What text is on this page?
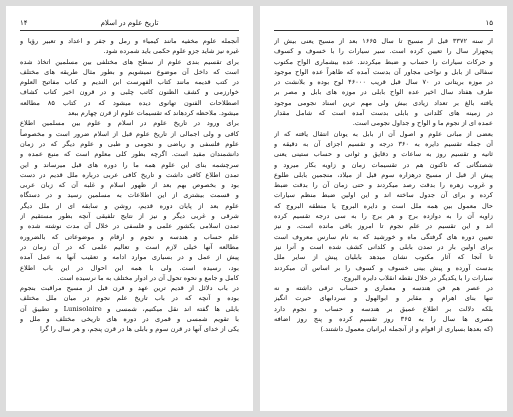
۱۴	تاریخ علوم در اسلام
آنجمله علوم مخفیه مانند کیمیاء و رمل و جفر و اعداد و تعبیر رؤیا و
غیره نیز شاید جزو علوم حکمی باید شمرده شود.
برای تقسیم بندی علوم از سطح های مختلفی بین مسلمین اتخاذ شده
است که داخل آن موضوع نمیشویم و بطور مثال طریقه های مختلف
در کتب قدیمه مانند کتاب الفهرست ابن الندیم و کتاب مفاتیح العلوم
خوارزمی و کشف الظنون کاتب چلبی و در قرون اخیر کتاب کشاف
اصطلاحات الفنون تهانوی دیده میشود که در کتاب ۸۵ مطالعه
میشود. ملاحظه کردهاند که تقسیمات علوم از قرن چهارم ببعد
برای ورود در تاریخ علوم در اسلام و علوم بین مسلمین اطلاع
کافی و ولی اجمالی از تاریخ علوم قبل از اسلام ضرور است و مخصوصاً
علوم فلسفی و ریاضی و نجومی و طبی و علوم دیگر که در زمان
دانشمندان مفید است. اگرچه بطور کلی معلوم است که منبع عمده و
سرچشمه بنای این علوم همه ما را دوره های قبل میرساند و این
تمدن اطلاع کافی داشت و تاریخ کافی عربی درباره ملل قدیم در دست
بود و بخصوص بهم بعد از ظهور اسلام و غلبه آن که زبان عربی
و قسمت بیشتری از این اطلاعات به مسلمین رسید و در دستگاه
علوم بعد از پایان دوره قدیم، روشن و سابقه ای از ملل دیگر
شرقی و غربی دیگر و نیز از نتایج تلفیقی آنچه بطور مستقیم از
تمدن اسلامی بکشور علمی و فلسفی در خلال آن مدت نوشته شده و
علم حساب و هندسه و نجوم و ارقام و موضوعاتی که بالضروره
مطالعه آنها خیلی لازم است و تعالیم علمی که در آن زمان در
پیش از عمل و در بسیاری موارد ادامه و تعقیب آنها به عمل آمده
بود، رسیده است. ولی با همه این احوال در این باب اطلاع
کامل و جامع و نحوه تحول آن در ادوار مختلف به ما نرسیده است.
در باب دلائل از قدیم ترین عهد و قرن قبل از مسیح مراقبت بنجوم
بوده و آنچه که در باب تاریخ علم نجوم در میان ملل مختلف
بابلی ها گفته اند نقل میکنیم، شمسی و Lunisolaire و تطبیق آن
با تقویم شمسی و قمری در دوره های تاریخی مختلف و ملل و
یکی از خدای آنها در قرن سوم و بابلی ها در قرن پنجم، و هر سال را گرا
۱۵
از سنه ۳۳۷۲ قبل از مسیح تا سال ۱۶۶۵ بعد از مسیح یعنی بیش از
پنجهزار سال را تعیین کرده است. سیر سیارات را با خسوف و کسوف
و حرکات سیارات را حساب و ضبط میکردند. عده بیشماری الواح مکتوب
سفالی از بابل و نواحی مجاور آن بدست آمده که ظاهراً عده الواح موجود
در موزه بریتانی در ۷۰ سال قبل قریب ۴۶۰۰۰ لوح بوده و بلانشت در
طرف هفتاد سال اخیر عده الواح بابلی در موزه های بابل و مصر بر
یافته بالغ بر تعداد زیادی بیش ولی مهم ترین اسناد نجومی موجود
در زمینه های کلدانی و بابلی بدست آمده است که شامل مقدار
عمده ای از نجوم ما و الواح و جداول نجومی است.
بعضی از مبانی علوم و اصول آن از بابل به یونان انتقال یافته که از
آن جمله تقسیم دایره به ۳۶۰ درجه و تقسیم اجزای آن به دقیقه و
ثانیه و تقسیم روز به ساعات و دقایق و ثوانی و حساب ستینی یعنی
شصتگانی که تاکنون هم در تقسیمات زمان و زاویه بکار میرود و
پیش از قبل از مسیح درهزاره سوم قبل از میلاد، منجمین بابلی طلوع
و غروب زهره را بدقت رصد میکردند و حتی زمان آن را بدقت ضبط
کرده و برای آن جدول ساخته اند و این اولین ضبط منظم سیارات
حال معمول بین همه ملل است و دایره البروج یا منطقه البروج که
زاویه آن را به دوازده برج و هر برج را به سی درجه تقسیم کرده
اند و این تقسیم در علم نجوم تا امروز باقی مانده است، و نیز
تعیین دوره های گرفتگی ماه و خورشید که به نام سارس معروف است
برای اولین بار در تمدن بابلی و کلدانی کشف شده است و آنرا نیز
تا آنجا که آثار مکتوب نشان میدهد بابلیان پیش از سایر ملل
بدست آورده و پیش بینی خسوف و کسوف را بر اساس آن میکردند
سیارات را با یکدیگر در خلال نقطه انقلاب دایره البروج.
در عصر هم فن هندسه و معماری و حساب ترقی داشته و نه
تنها بنای اهرام و مقابر و ابوالهول و سردابهای حیرت انگیز
بلکه دلالت بر اطلاع عمیق بر هندسه و حساب و نجوم دارد
مصری ها سال را به ۳۶۵ روز تقسیم کرده و پنج روز اضافه
(که بعدها بسیاری از اقوام و از آنجمله ایرانیان معمول داشتند.)
